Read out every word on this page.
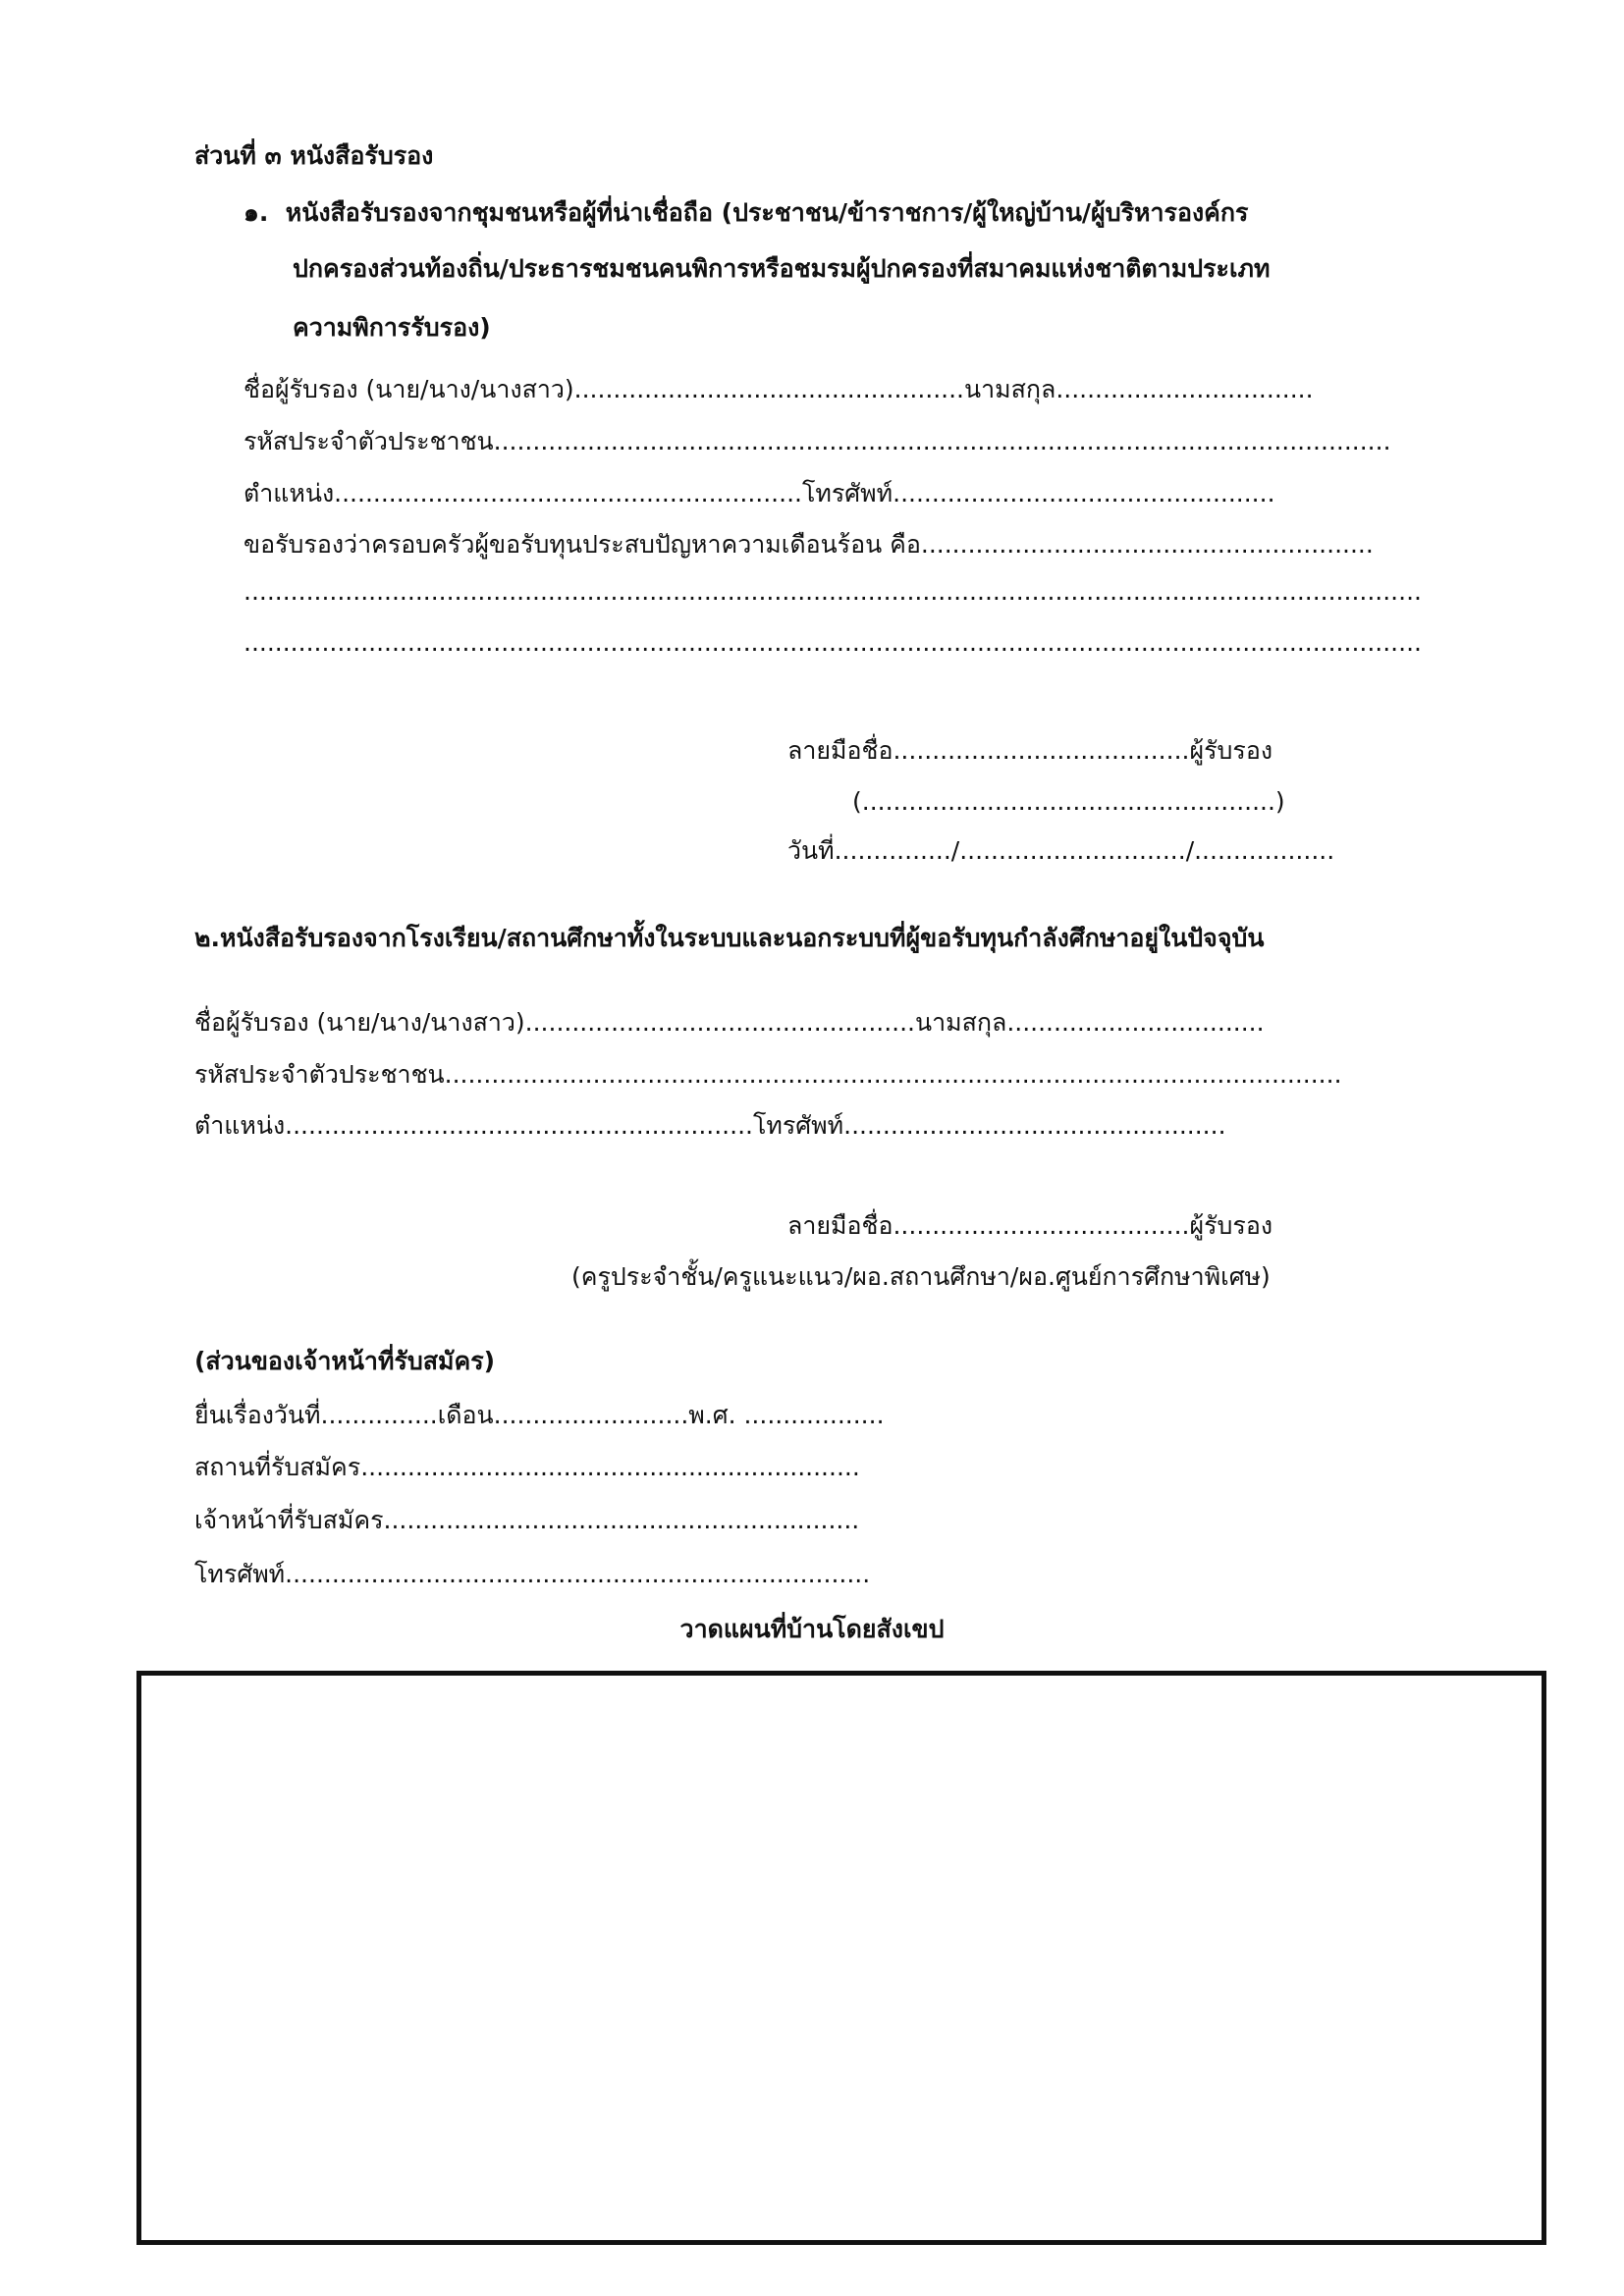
ส่วนที่ ๓ หนังสือรับรอง

๑.  หนังสือรับรองจากชุมชนหรือผู้ที่น่าเชื่อถือ (ประชาชน/ข้าราชการ/ผู้ใหญ่บ้าน/ผู้บริหารองค์กร

ปกครองส่วนท้องถิ่น/ประธารชมชนคนพิการหรือชมรมผู้ปกครองที่สมาคมแห่งชาติตามประเภท

ความพิการรับรอง)

ชื่อผู้รับรอง (นาย/นาง/นางสาว)..................................................นามสกุล.................................

รหัสประจำตัวประชาชน...................................................................................................................

ตำแหน่ง............................................................โทรศัพท์.................................................

ขอรับรองว่าครอบครัวผู้ขอรับทุนประสบปัญหาความเดือนร้อน คือ..........................................................

.......................................................................................................................................................

.......................................................................................................................................................

ลายมือชื่อ......................................ผู้รับรอง

(.....................................................)

วันที่.............../............................./..................

๒.หนังสือรับรองจากโรงเรียน/สถานศึกษาทั้งในระบบและนอกระบบที่ผู้ขอรับทุนกำลังศึกษาอยู่ในปัจจุบัน

ชื่อผู้รับรอง (นาย/นาง/นางสาว)..................................................นามสกุล.................................

รหัสประจำตัวประชาชน...................................................................................................................

ตำแหน่ง............................................................โทรศัพท์.................................................

ลายมือชื่อ......................................ผู้รับรอง

(ครูประจำชั้น/ครูแนะแนว/ผอ.สถานศึกษา/ผอ.ศูนย์การศึกษาพิเศษ)

(ส่วนของเจ้าหน้าที่รับสมัคร)

ยื่นเรื่องวันที่...............เดือน.........................พ.ศ. ..................

สถานที่รับสมัคร................................................................

เจ้าหน้าที่รับสมัคร.............................................................

โทรศัพท์...........................................................................

วาดแผนที่บ้านโดยสังเขป
